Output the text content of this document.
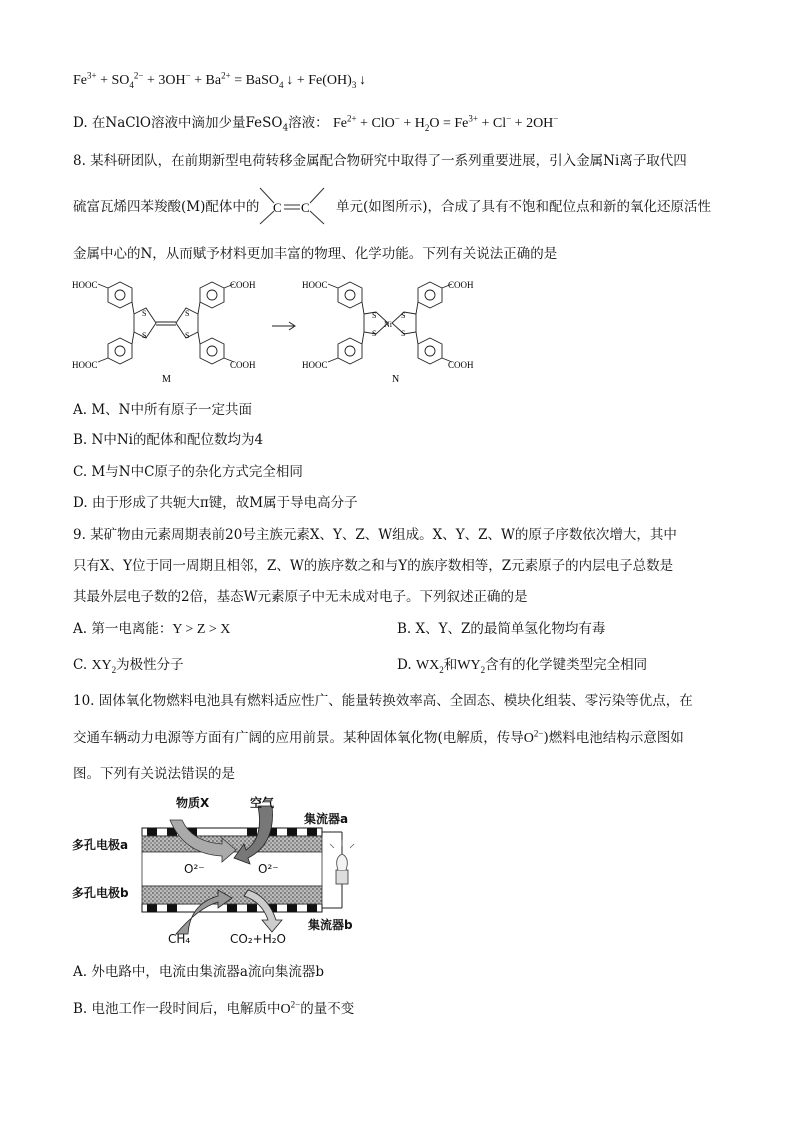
$Fe^{3+} + SO_4^{2-} + 3OH^- + Ba^{2+}$ = BaSO$_4$ ↓ + $Fe(OH)_3$ ↓
D. 在NaClO溶液中滴加少量FeSO$_4$溶液： $Fe^{2+} + ClO^- + H_2O = Fe^{3+} + Cl^- + 2OH^-$
8. 某科研团队，在前期新型电荷转移金属配合物研究中取得了一系列重要进展，引入金属Ni离子取代四
硫富瓦烯四苯羧酸(M)配体中的 C C 单元(如图所示)，合成了具有不饱和配位点和新的氧化还原活性
金属中心的N，从而赋予材料更加丰富的物理、化学功能。下列有关说法正确的是
HOOC
HOOC
COOH
COOH
S
S
S
S
M
HOOC
HOOC
COOH
COOH
S
S
Ni
S
S
N
A. M、N中所有原子一定共面
B. N中Ni的配体和配位数均为4
C. M与N中C原子的杂化方式完全相同
D. 由于形成了共轭大π键，故M属于导电高分子
9. 某矿物由元素周期表前20号主族元素X、Y、Z、W组成。X、Y、Z、W的原子序数依次增大，其中
只有X、Y位于同一周期且相邻，Z、W的族序数之和与Y的族序数相等，Z元素原子的内层电子总数是
其最外层电子数的2倍，基态W元素原子中无未成对电子。下列叙述正确的是
A. 第一电离能：Y > Z > X	B. X、Y、Z的最简单氢化物均有毒
C. $XY_2$为极性分子	D. $WX_2$和$WY_2$含有的化学键类型完全相同
10. 固体氧化物燃料电池具有燃料适应性广、能量转换效率高、全固态、模块化组装、零污染等优点，在
交通车辆动力电源等方面有广阔的应用前景。某种固体氧化物(电解质，传导$O^{2-}$)燃料电池结构示意图如
图。下列有关说法错误的是
物质X	空气
集流器a
多孔电极a
O²⁻	O²⁻
多孔电极b
集流器b
CH₄	CO₂+H₂O
A. 外电路中，电流由集流器a流向集流器b
B. 电池工作一段时间后，电解质中$O^{2-}$的量不变
